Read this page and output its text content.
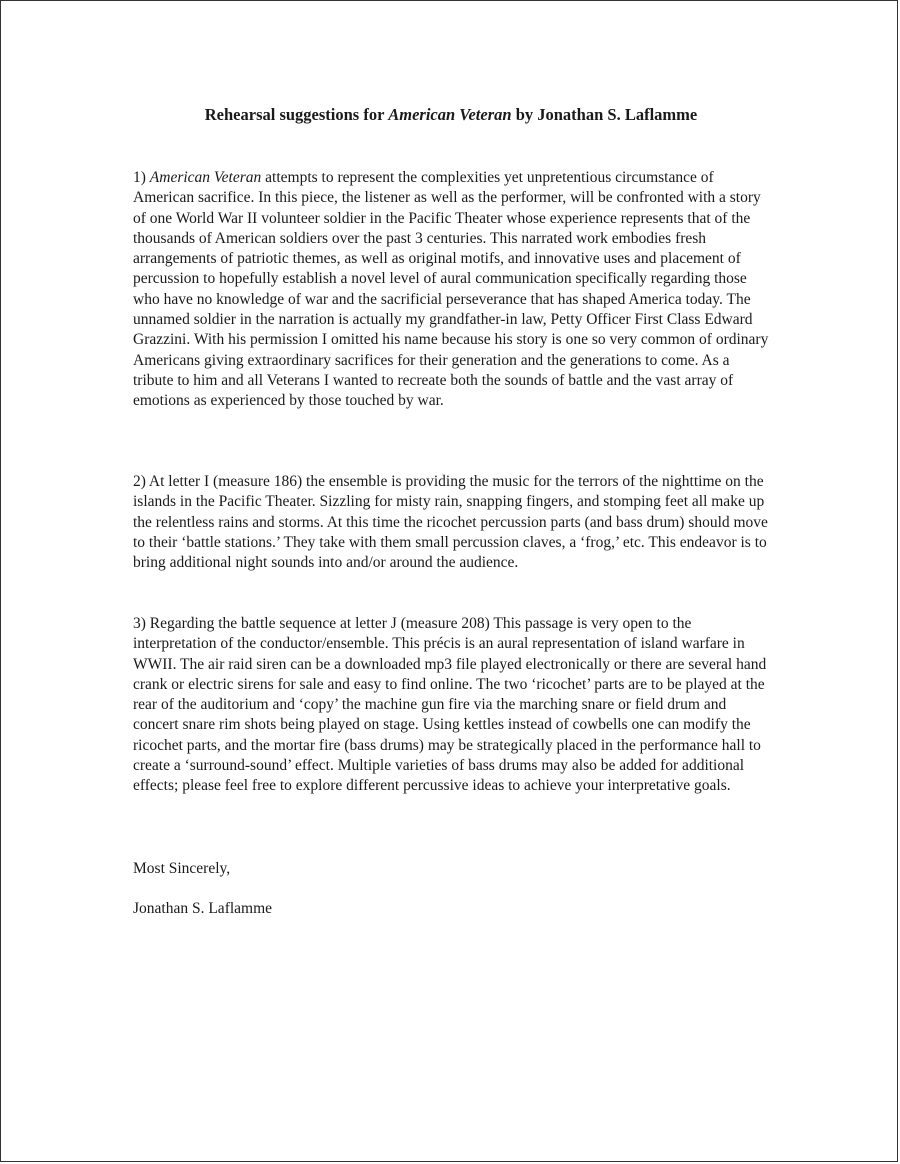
Rehearsal suggestions for American Veteran by Jonathan S. Laflamme

1) American Veteran attempts to represent the complexities yet unpretentious circumstance of American sacrifice. In this piece, the listener as well as the performer, will be confronted with a story of one World War II volunteer soldier in the Pacific Theater whose experience represents that of the thousands of American soldiers over the past 3 centuries. This narrated work embodies fresh arrangements of patriotic themes, as well as original motifs, and innovative uses and placement of percussion to hopefully establish a novel level of aural communication specifically regarding those who have no knowledge of war and the sacrificial perseverance that has shaped America today. The unnamed soldier in the narration is actually my grandfather-in law, Petty Officer First Class Edward Grazzini. With his permission I omitted his name because his story is one so very common of ordinary Americans giving extraordinary sacrifices for their generation and the generations to come. As a tribute to him and all Veterans I wanted to recreate both the sounds of battle and the vast array of emotions as experienced by those touched by war.

2) At letter I (measure 186) the ensemble is providing the music for the terrors of the nighttime on the islands in the Pacific Theater. Sizzling for misty rain, snapping fingers, and stomping feet all make up the relentless rains and storms. At this time the ricochet percussion parts (and bass drum) should move to their ‘battle stations.’ They take with them small percussion claves, a ‘frog,’ etc. This endeavor is to bring additional night sounds into and/or around the audience.

3) Regarding the battle sequence at letter J (measure 208) This passage is very open to the interpretation of the conductor/ensemble. This précis is an aural representation of island warfare in WWII. The air raid siren can be a downloaded mp3 file played electronically or there are several hand crank or electric sirens for sale and easy to find online. The two ‘ricochet’ parts are to be played at the rear of the auditorium and ‘copy’ the machine gun fire via the marching snare or field drum and concert snare rim shots being played on stage. Using kettles instead of cowbells one can modify the ricochet parts, and the mortar fire (bass drums) may be strategically placed in the performance hall to create a ‘surround-sound’ effect. Multiple varieties of bass drums may also be added for additional effects; please feel free to explore different percussive ideas to achieve your interpretative goals.

Most Sincerely,

Jonathan S. Laflamme
